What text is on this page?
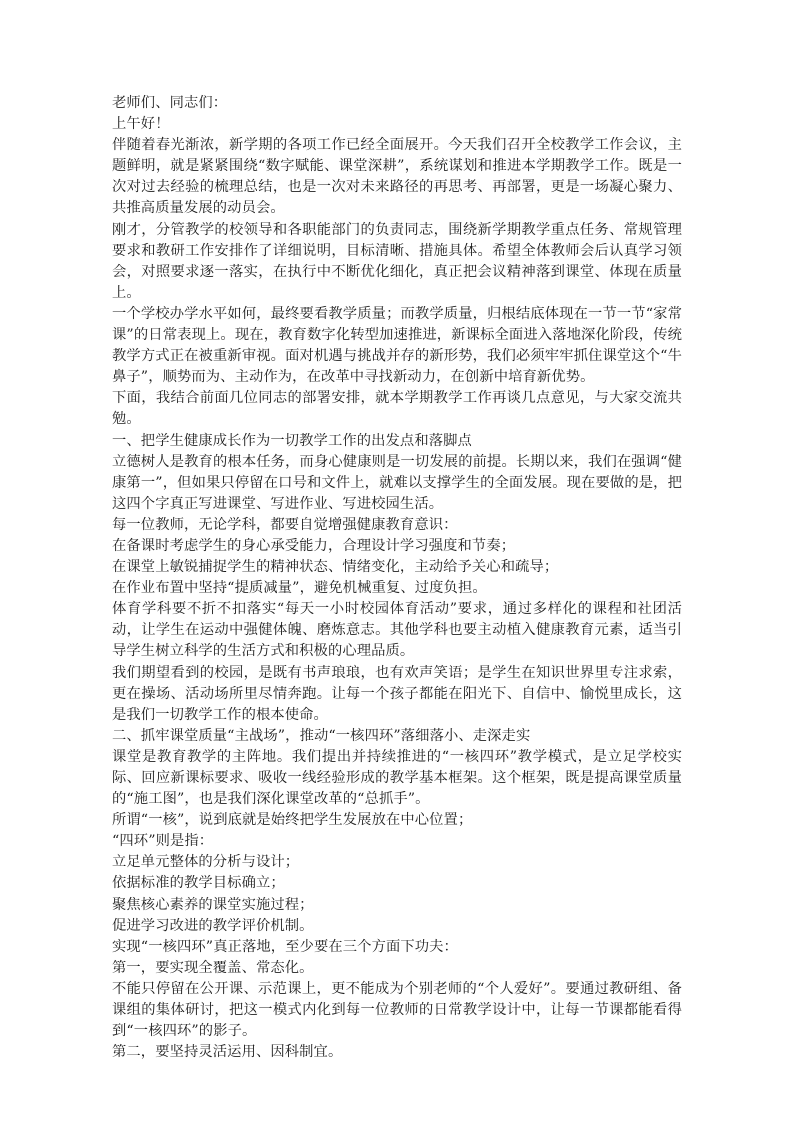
老师们、同志们：

上午好！

伴随着春光渐浓，新学期的各项工作已经全面展开。今天我们召开全校教学工作会议，主题鲜明，就是紧紧围绕“数字赋能、课堂深耕”，系统谋划和推进本学期教学工作。既是一次对过去经验的梳理总结，也是一次对未来路径的再思考、再部署，更是一场凝心聚力、共推高质量发展的动员会。

刚才，分管教学的校领导和各职能部门的负责同志，围绕新学期教学重点任务、常规管理要求和教研工作安排作了详细说明，目标清晰、措施具体。希望全体教师会后认真学习领会，对照要求逐一落实，在执行中不断优化细化，真正把会议精神落到课堂、体现在质量上。

一个学校办学水平如何，最终要看教学质量；而教学质量，归根结底体现在一节一节“家常课”的日常表现上。现在，教育数字化转型加速推进，新课标全面进入落地深化阶段，传统教学方式正在被重新审视。面对机遇与挑战并存的新形势，我们必须牢牢抓住课堂这个“牛鼻子”，顺势而为、主动作为，在改革中寻找新动力，在创新中培育新优势。

下面，我结合前面几位同志的部署安排，就本学期教学工作再谈几点意见，与大家交流共勉。

一、把学生健康成长作为一切教学工作的出发点和落脚点

立德树人是教育的根本任务，而身心健康则是一切发展的前提。长期以来，我们在强调“健康第一”，但如果只停留在口号和文件上，就难以支撑学生的全面发展。现在要做的是，把这四个字真正写进课堂、写进作业、写进校园生活。

每一位教师，无论学科，都要自觉增强健康教育意识：

在备课时考虑学生的身心承受能力，合理设计学习强度和节奏；

在课堂上敏锐捕捉学生的精神状态、情绪变化，主动给予关心和疏导；

在作业布置中坚持“提质减量”，避免机械重复、过度负担。

体育学科要不折不扣落实“每天一小时校园体育活动”要求，通过多样化的课程和社团活动，让学生在运动中强健体魄、磨炼意志。其他学科也要主动植入健康教育元素，适当引导学生树立科学的生活方式和积极的心理品质。

我们期望看到的校园，是既有书声琅琅，也有欢声笑语；是学生在知识世界里专注求索，更在操场、活动场所里尽情奔跑。让每一个孩子都能在阳光下、自信中、愉悦里成长，这是我们一切教学工作的根本使命。

二、抓牢课堂质量“主战场”，推动“一核四环”落细落小、走深走实

课堂是教育教学的主阵地。我们提出并持续推进的“一核四环”教学模式，是立足学校实际、回应新课标要求、吸收一线经验形成的教学基本框架。这个框架，既是提高课堂质量的“施工图”，也是我们深化课堂改革的“总抓手”。

所谓“一核”，说到底就是始终把学生发展放在中心位置；

“四环”则是指：

立足单元整体的分析与设计；

依据标准的教学目标确立；

聚焦核心素养的课堂实施过程；

促进学习改进的教学评价机制。

实现“一核四环”真正落地，至少要在三个方面下功夫：

第一，要实现全覆盖、常态化。

不能只停留在公开课、示范课上，更不能成为个别老师的“个人爱好”。要通过教研组、备课组的集体研讨，把这一模式内化到每一位教师的日常教学设计中，让每一节课都能看得到“一核四环”的影子。

第二，要坚持灵活运用、因科制宜。
